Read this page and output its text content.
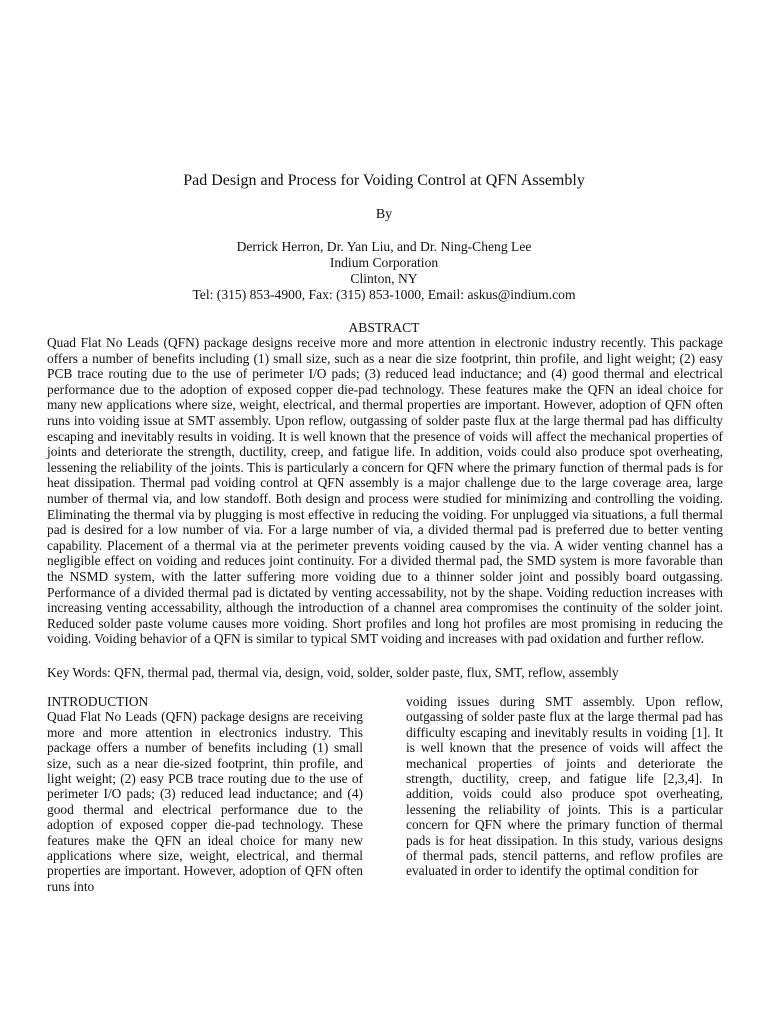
Pad Design and Process for Voiding Control at QFN Assembly
By
Derrick Herron, Dr. Yan Liu, and Dr. Ning-Cheng Lee
Indium Corporation
Clinton, NY
Tel: (315) 853-4900, Fax: (315) 853-1000, Email: askus@indium.com
ABSTRACT

Quad Flat No Leads (QFN) package designs receive more and more attention in electronic industry recently. This package offers a number of benefits including (1) small size, such as a near die size footprint, thin profile, and light weight; (2) easy PCB trace routing due to the use of perimeter I/O pads; (3) reduced lead inductance; and (4) good thermal and electrical performance due to the adoption of exposed copper die-pad technology. These features make the QFN an ideal choice for many new applications where size, weight, electrical, and thermal properties are important. However, adoption of QFN often runs into voiding issue at SMT assembly. Upon reflow, outgassing of solder paste flux at the large thermal pad has difficulty escaping and inevitably results in voiding. It is well known that the presence of voids will affect the mechanical properties of joints and deteriorate the strength, ductility, creep, and fatigue life. In addition, voids could also produce spot overheating, lessening the reliability of the joints. This is particularly a concern for QFN where the primary function of thermal pads is for heat dissipation. Thermal pad voiding control at QFN assembly is a major challenge due to the large coverage area, large number of thermal via, and low standoff. Both design and process were studied for minimizing and controlling the voiding. Eliminating the thermal via by plugging is most effective in reducing the voiding. For unplugged via situations, a full thermal pad is desired for a low number of via. For a large number of via, a divided thermal pad is preferred due to better venting capability. Placement of a thermal via at the perimeter prevents voiding caused by the via. A wider venting channel has a negligible effect on voiding and reduces joint continuity. For a divided thermal pad, the SMD system is more favorable than the NSMD system, with the latter suffering more voiding due to a thinner solder joint and possibly board outgassing. Performance of a divided thermal pad is dictated by venting accessability, not by the shape. Voiding reduction increases with increasing venting accessability, although the introduction of a channel area compromises the continuity of the solder joint. Reduced solder paste volume causes more voiding. Short profiles and long hot profiles are most promising in reducing the voiding. Voiding behavior of a QFN is similar to typical SMT voiding and increases with pad oxidation and further reflow.

Key Words: QFN, thermal pad, thermal via, design, void, solder, solder paste, flux, SMT, reflow, assembly

INTRODUCTION

Quad Flat No Leads (QFN) package designs are receiving more and more attention in electronics industry. This package offers a number of benefits including (1) small size, such as a near die-sized footprint, thin profile, and light weight; (2) easy PCB trace routing due to the use of perimeter I/O pads; (3) reduced lead inductance; and (4) good thermal and electrical performance due to the adoption of exposed copper die-pad technology. These features make the QFN an ideal choice for many new applications where size, weight, electrical, and thermal properties are important. However, adoption of QFN often runs into

voiding issues during SMT assembly. Upon reflow, outgassing of solder paste flux at the large thermal pad has difficulty escaping and inevitably results in voiding [1]. It is well known that the presence of voids will affect the mechanical properties of joints and deteriorate the strength, ductility, creep, and fatigue life [2,3,4]. In addition, voids could also produce spot overheating, lessening the reliability of joints. This is a particular concern for QFN where the primary function of thermal pads is for heat dissipation. In this study, various designs of thermal pads, stencil patterns, and reflow profiles are evaluated in order to identify the optimal condition for
